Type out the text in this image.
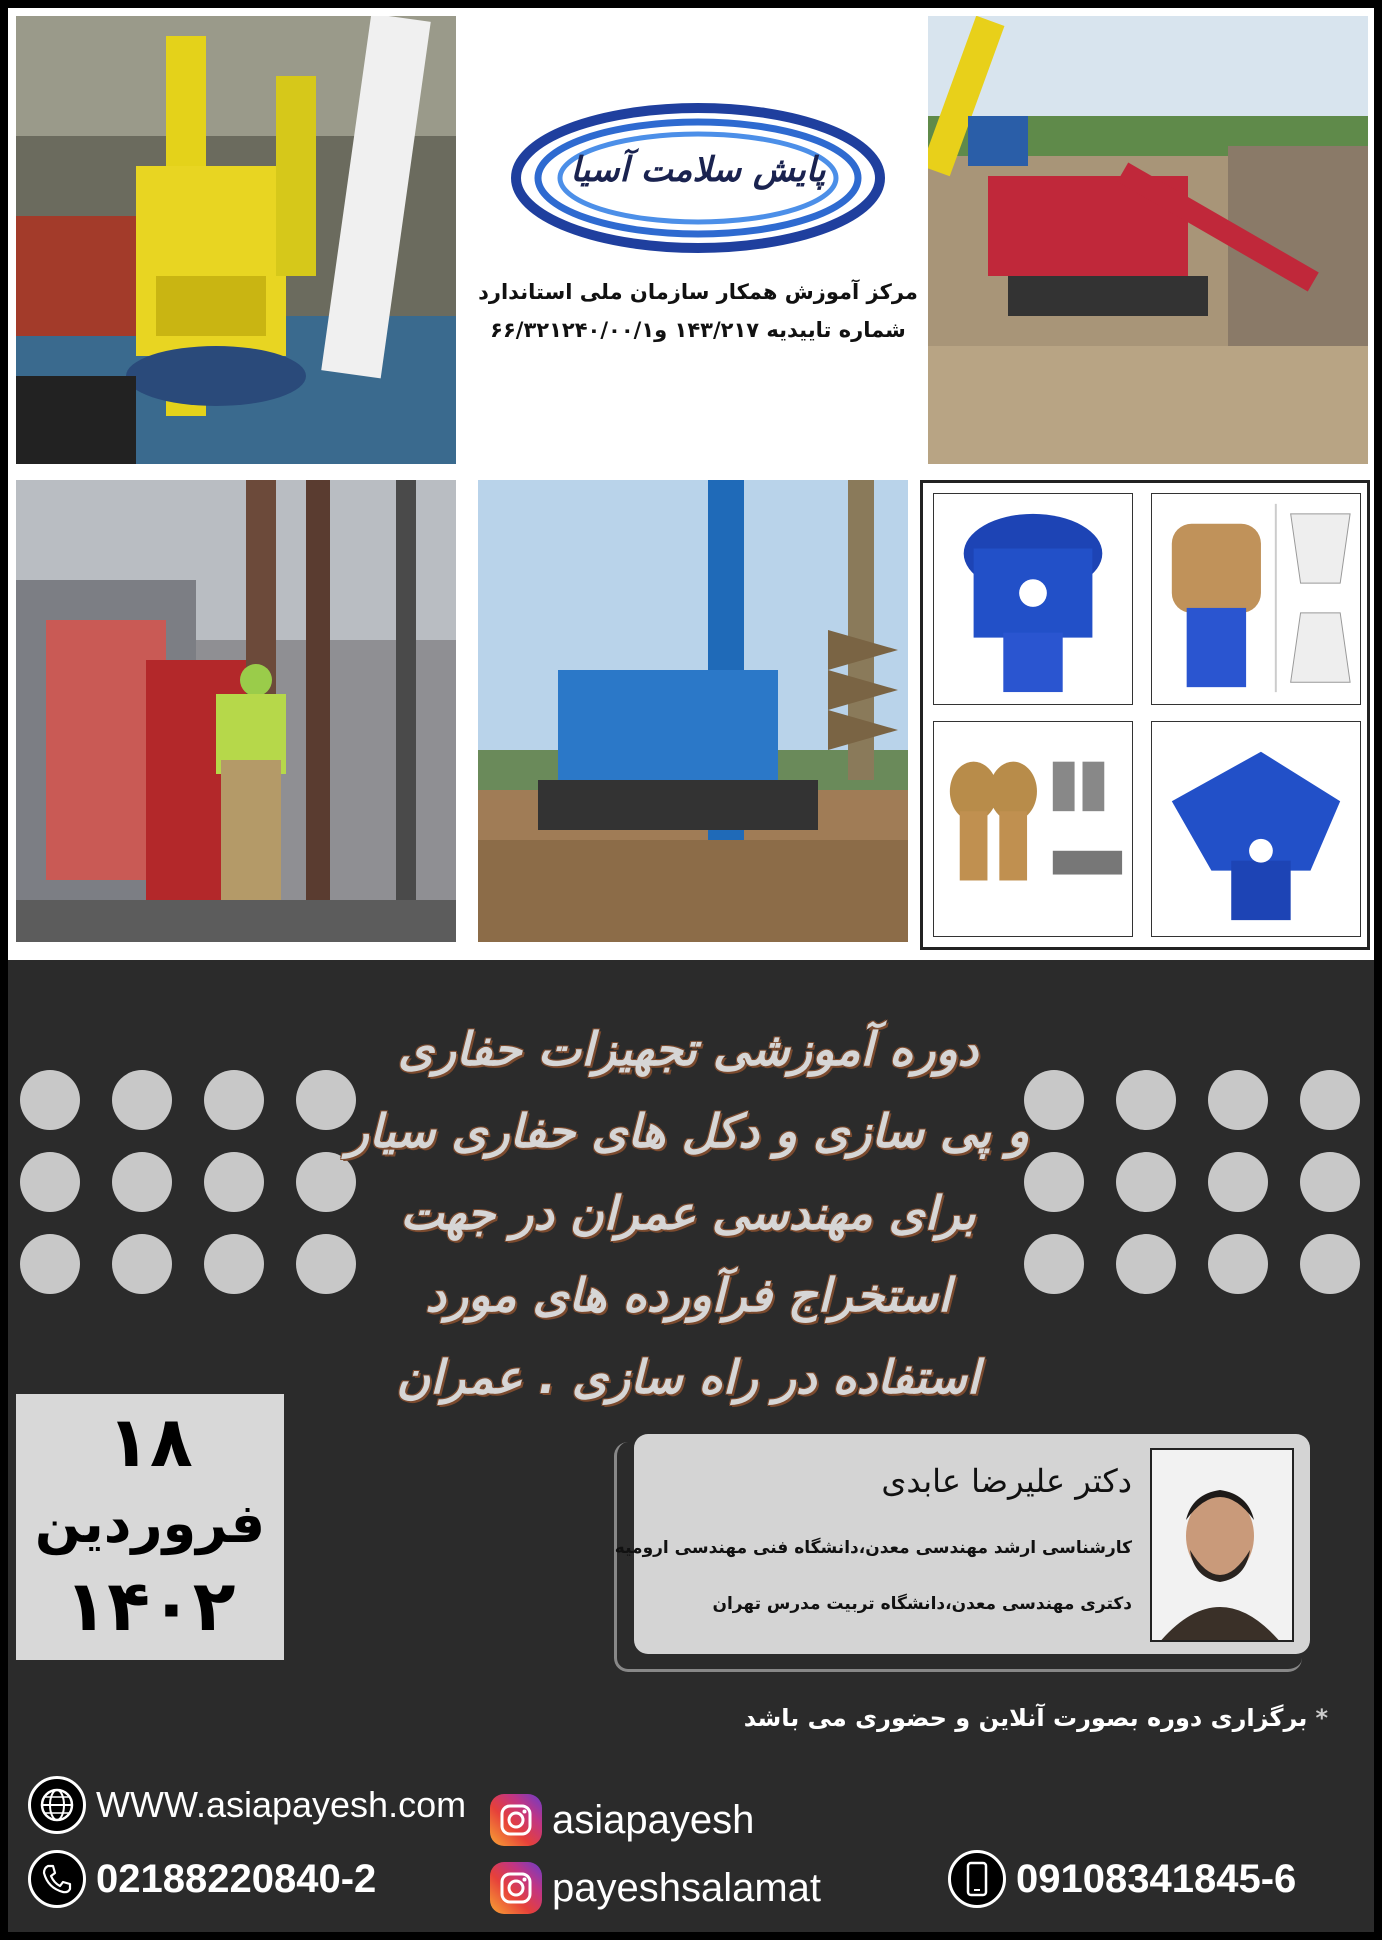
پایش سلامت آسیا
مرکز آموزش همکار سازمان ملی استاندارد
شماره تاییدیه ۱۴۳/۲۱۷ و۶۶/۳۲۱۲۴۰/۰۰/۱
دوره آموزشی تجهیزات حفاری
و پی سازی و دکل های حفاری سیار
برای مهندسی عمران در جهت
استخراج فرآورده های مورد
استفاده در راه سازی . عمران
۱۸
فروردین
۱۴۰۲
دکتر علیرضا عابدی
کارشناسی ارشد مهندسی معدن،دانشگاه فنی مهندسی ارومیه
دکتری مهندسی معدن،دانشگاه تربیت مدرس تهران
*برگزاری دوره بصورت آنلاین و حضوری می باشد
WWW.asiapayesh.com
02188220840-2
asiapayesh
payeshsalamat	09108341845-6
